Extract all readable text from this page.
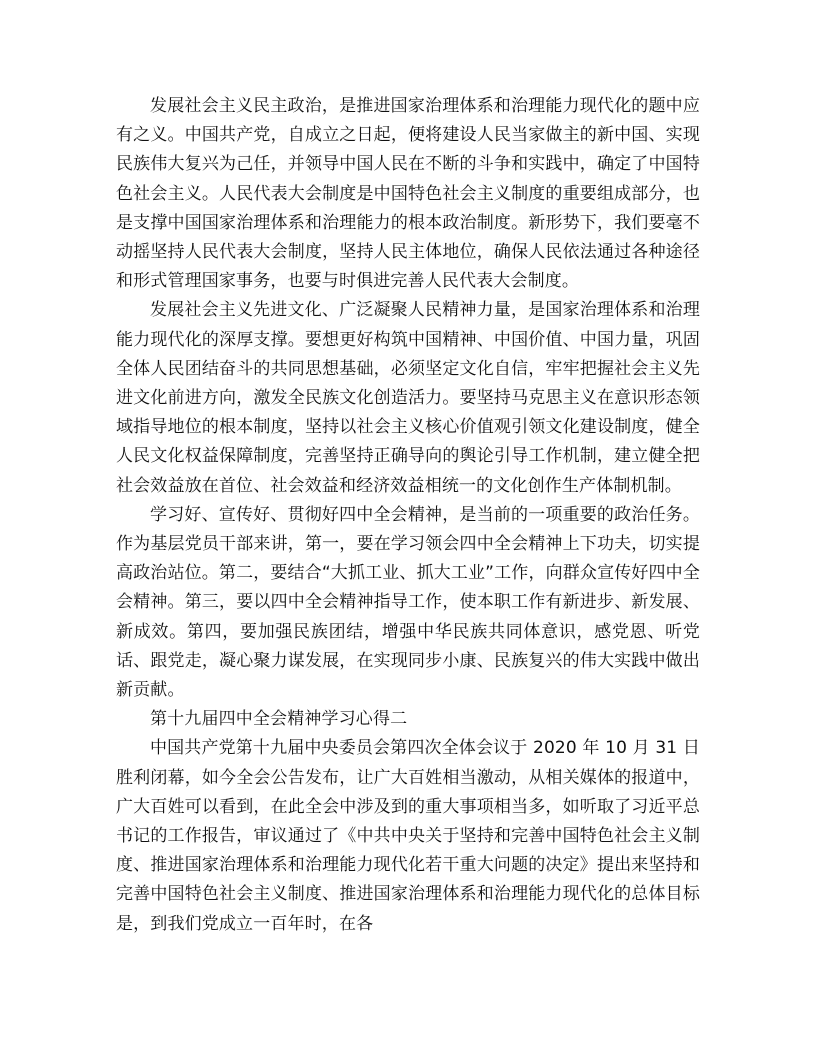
发展社会主义民主政治，是推进国家治理体系和治理能力现代化的题中应有之义。中国共产党，自成立之日起，便将建设人民当家做主的新中国、实现民族伟大复兴为己任，并领导中国人民在不断的斗争和实践中，确定了中国特色社会主义。人民代表大会制度是中国特色社会主义制度的重要组成部分，也是支撑中国国家治理体系和治理能力的根本政治制度。新形势下，我们要毫不动摇坚持人民代表大会制度，坚持人民主体地位，确保人民依法通过各种途径和形式管理国家事务，也要与时俱进完善人民代表大会制度。

发展社会主义先进文化、广泛凝聚人民精神力量，是国家治理体系和治理能力现代化的深厚支撑。要想更好构筑中国精神、中国价值、中国力量，巩固全体人民团结奋斗的共同思想基础，必须坚定文化自信，牢牢把握社会主义先进文化前进方向，激发全民族文化创造活力。要坚持马克思主义在意识形态领域指导地位的根本制度，坚持以社会主义核心价值观引领文化建设制度，健全人民文化权益保障制度，完善坚持正确导向的舆论引导工作机制，建立健全把社会效益放在首位、社会效益和经济效益相统一的文化创作生产体制机制。

学习好、宣传好、贯彻好四中全会精神，是当前的一项重要的政治任务。作为基层党员干部来讲，第一，要在学习领会四中全会精神上下功夫，切实提高政治站位。第二，要结合“大抓工业、抓大工业”工作，向群众宣传好四中全会精神。第三，要以四中全会精神指导工作，使本职工作有新进步、新发展、新成效。第四，要加强民族团结，增强中华民族共同体意识，感党恩、听党话、跟党走，凝心聚力谋发展，在实现同步小康、民族复兴的伟大实践中做出新贡献。

第十九届四中全会精神学习心得二

中国共产党第十九届中央委员会第四次全体会议于 2020 年 10 月 31 日胜利闭幕，如今全会公告发布，让广大百姓相当激动，从相关媒体的报道中，广大百姓可以看到，在此全会中涉及到的重大事项相当多，如听取了习近平总书记的工作报告，审议通过了《中共中央关于坚持和完善中国特色社会主义制度、推进国家治理体系和治理能力现代化若干重大问题的决定》提出来坚持和完善中国特色社会主义制度、推进国家治理体系和治理能力现代化的总体目标是，到我们党成立一百年时，在各
